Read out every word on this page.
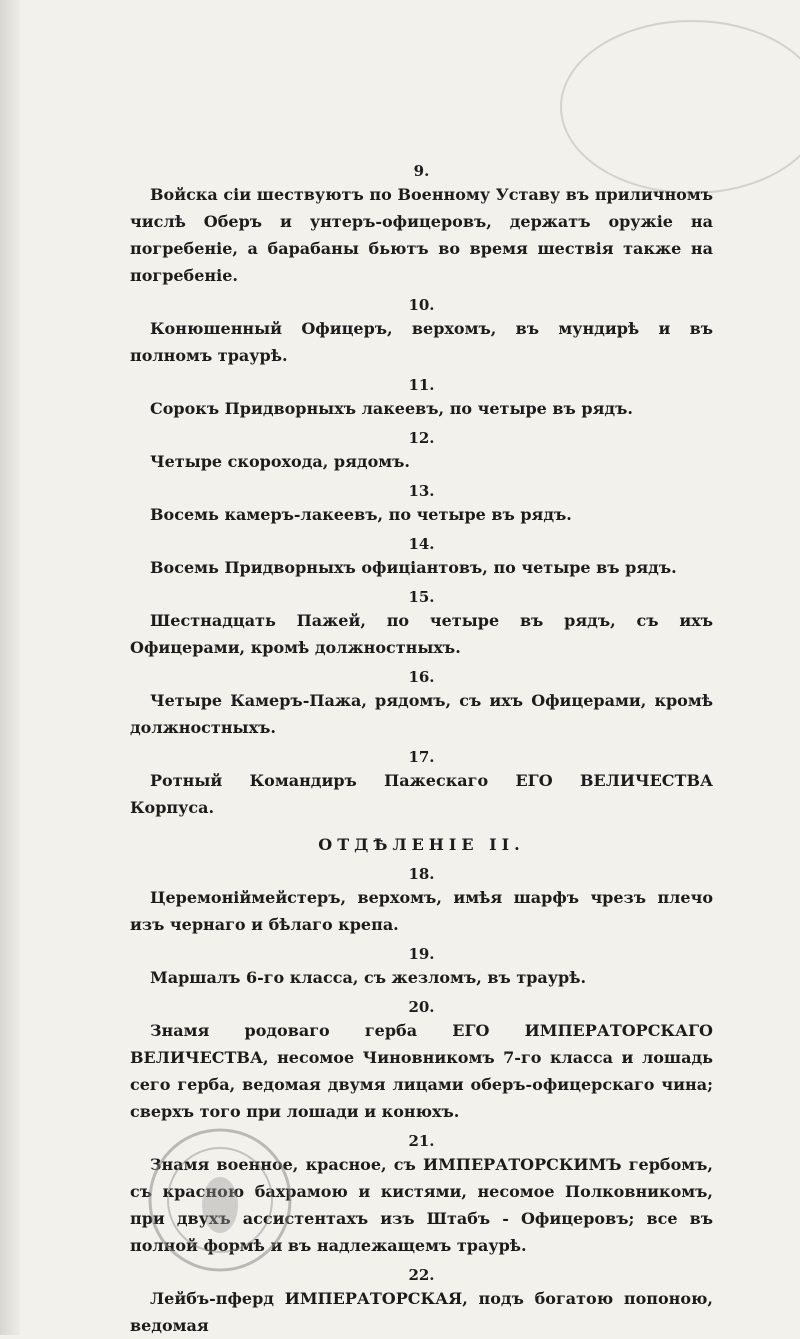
9.

Войска сіи шествуютъ по Военному Уставу въ приличномъ числѣ Оберъ и унтеръ-офицеровъ, держатъ оружіе на погребеніе, а барабаны бьютъ во время шествія также на погребеніе.

10.

Конюшенный Офицеръ, верхомъ, въ мундирѣ и въ полномъ траурѣ.

11.

Сорокъ Придворныхъ лакеевъ, по четыре въ рядъ.

12.

Четыре скорохода, рядомъ.

13.

Восемь камеръ-лакеевъ, по четыре въ рядъ.

14.

Восемь Придворныхъ офиціантовъ, по четыре въ рядъ.

15.

Шестнадцать Пажей, по четыре въ рядъ, съ ихъ Офицерами, кромѣ должностныхъ.

16.

Четыре Камеръ-Пажа, рядомъ, съ ихъ Офицерами, кромѣ должностныхъ.

17.

Ротный Командиръ Пажескаго ЕГО ВЕЛИЧЕСТВА Корпуса.

ОТДѢЛЕНІЕ II.
18.

Церемоніймейстеръ, верхомъ, имѣя шарфъ чрезъ плечо изъ чернаго и бѣлаго крепа.

19.

Маршалъ 6-го класса, съ жезломъ, въ траурѣ.

20.

Знамя родоваго герба ЕГО ИМПЕРАТОРСКАГО ВЕЛИЧЕСТВА, несомое Чиновникомъ 7-го класса и лошадь сего герба, ведомая двумя лицами оберъ-офицерскаго чина; сверхъ того при лошади и конюхъ.

21.

Знамя военное, красное, съ ИМПЕРАТОРСКИМЪ гербомъ, съ красною бахрамою и кистями, несомое Полковникомъ, при двухъ ассистентахъ изъ Штабъ - Офицеровъ; все въ полной формѣ и въ надлежащемъ траурѣ.

22.

Лейбъ-пферд ИМПЕРАТОРСКАЯ, подъ богатою попоною, ведомая
